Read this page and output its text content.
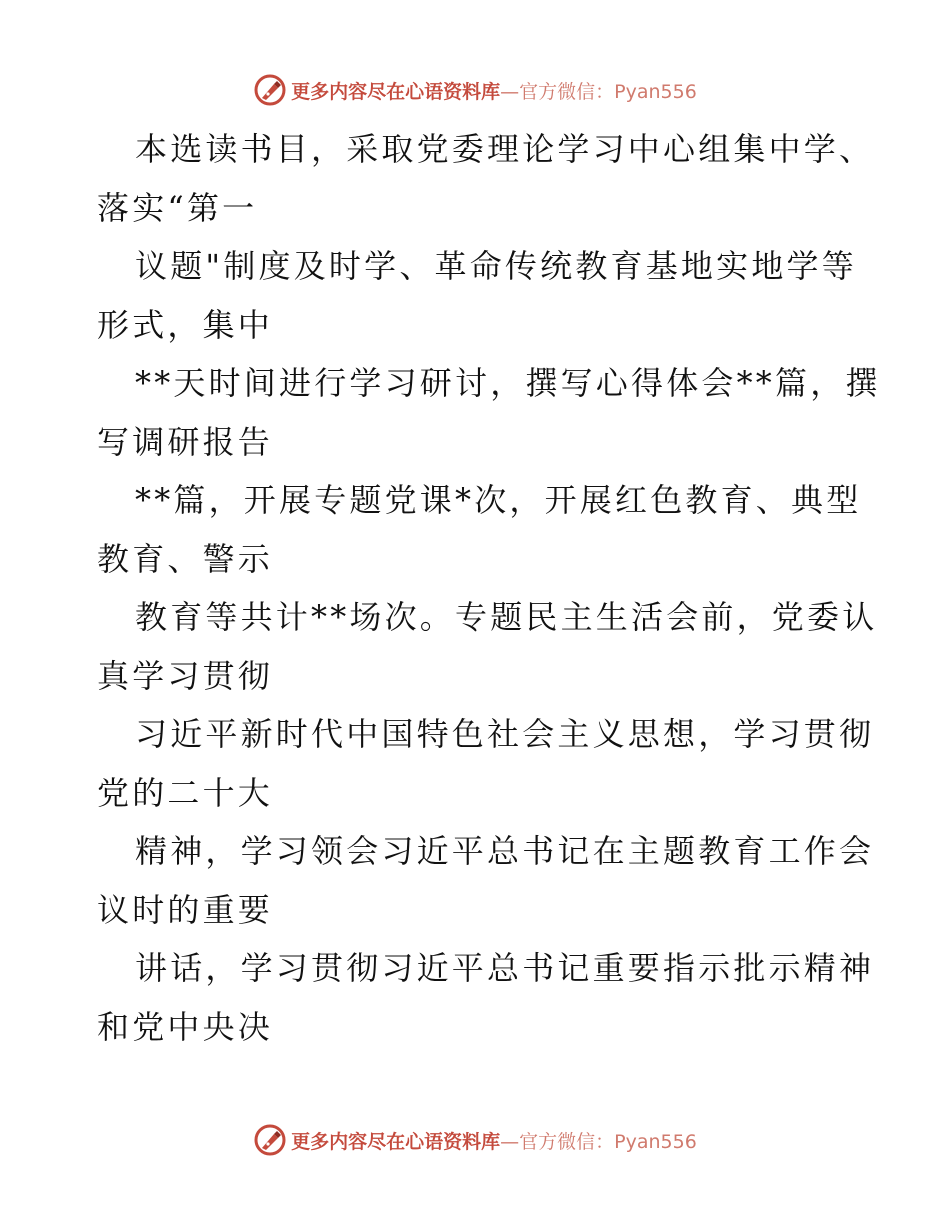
更多内容尽在心语资料库 —官方微信：Pyan556
本选读书目，采取党委理论学习中心组集中学、
落实“第一
议题"制度及时学、革命传统教育基地实地学等
形式，集中
**天时间进行学习研讨，撰写心得体会**篇，撰
写调研报告
**篇，开展专题党课*次，开展红色教育、典型
教育、警示
教育等共计**场次。专题民主生活会前，党委认
真学习贯彻
习近平新时代中国特色社会主义思想，学习贯彻
党的二十大
精神，学习领会习近平总书记在主题教育工作会
议时的重要
讲话，学习贯彻习近平总书记重要指示批示精神
和党中央决
更多内容尽在心语资料库 —官方微信：Pyan556
